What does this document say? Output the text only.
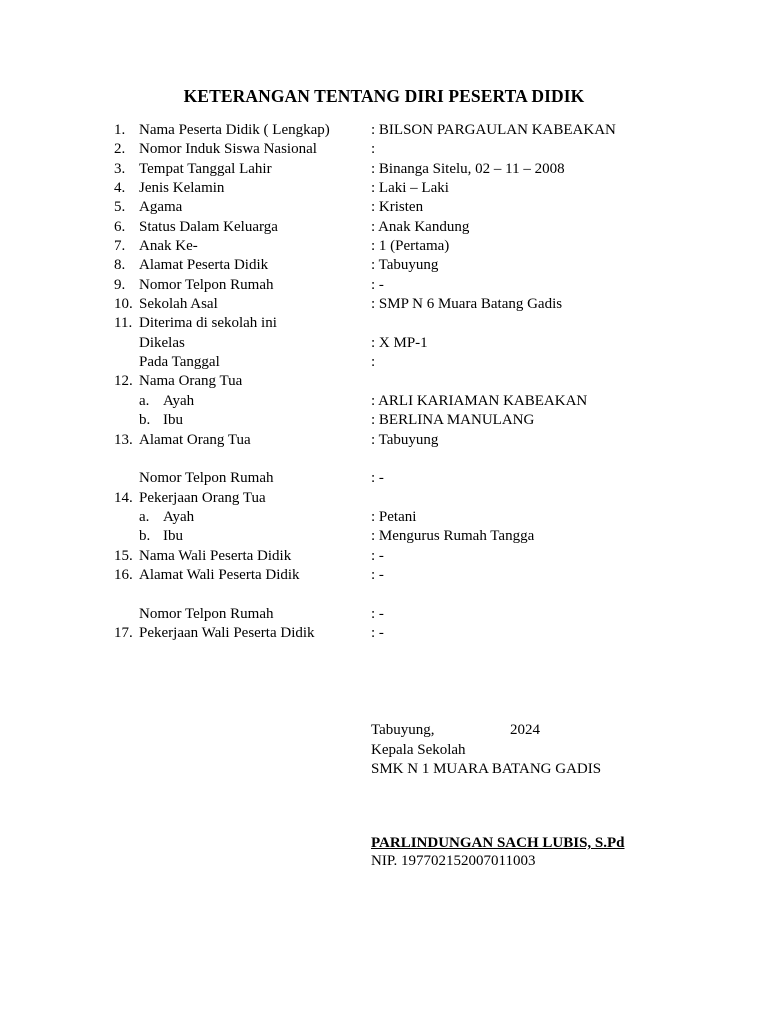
KETERANGAN TENTANG DIRI PESERTA DIDIK
1. Nama Peserta Didik ( Lengkap)	: BILSON PARGAULAN KABEAKAN
2. Nomor Induk Siswa Nasional	:
3. Tempat Tanggal Lahir	: Binanga Sitelu, 02 – 11 – 2008
4. Jenis Kelamin	: Laki – Laki
5. Agama	: Kristen
6. Status Dalam Keluarga	: Anak Kandung
7. Anak Ke-	: 1 (Pertama)
8. Alamat Peserta Didik	: Tabuyung
9. Nomor Telpon Rumah	: -
10. Sekolah Asal	: SMP N 6 Muara Batang Gadis
11. Diterima di sekolah ini
Dikelas	: X MP-1
Pada Tanggal	:
12. Nama Orang Tua
a. Ayah	: ARLI KARIAMAN KABEAKAN
b. Ibu	: BERLINA MANULANG
13. Alamat Orang Tua	: Tabuyung
Nomor Telpon Rumah	: -
14. Pekerjaan Orang Tua
a. Ayah	: Petani
b. Ibu	: Mengurus Rumah Tangga
15. Nama Wali Peserta Didik	: -
16. Alamat Wali Peserta Didik	: -
Nomor Telpon Rumah	: -
17. Pekerjaan Wali Peserta Didik	: -
Tabuyung,	2024
Kepala Sekolah
SMK N 1 MUARA BATANG GADIS
PARLINDUNGAN SACH LUBIS, S.Pd
NIP. 197702152007011003
